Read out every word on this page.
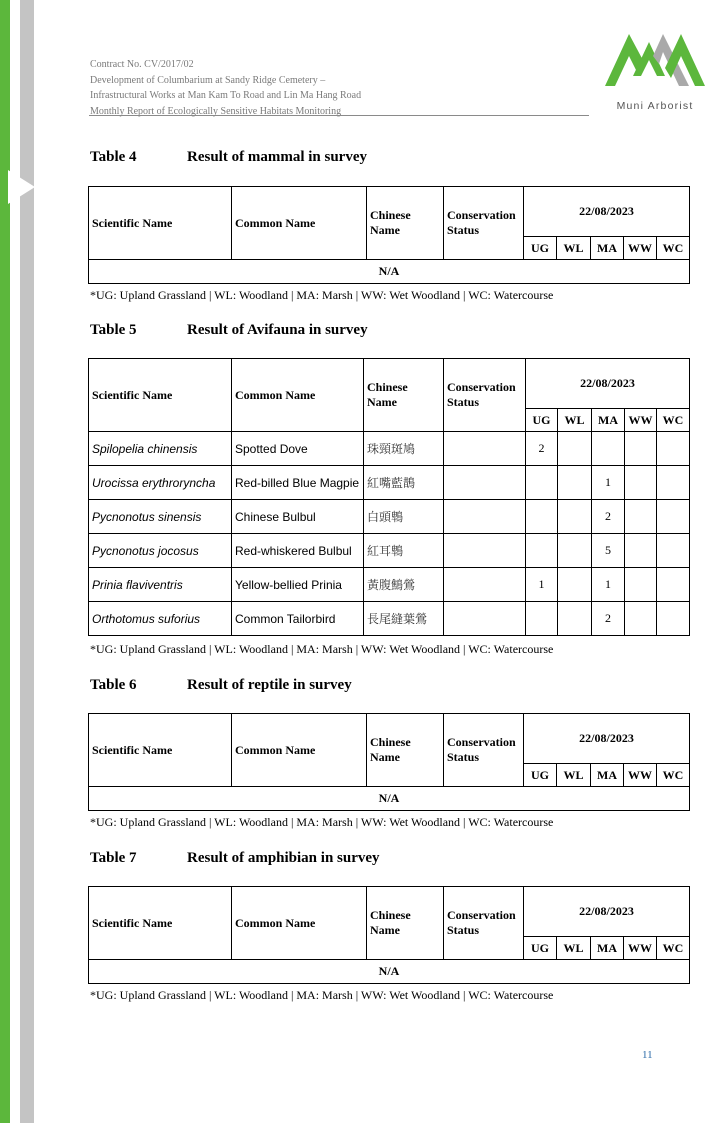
Contract No. CV/2017/02
Development of Columbarium at Sandy Ridge Cemetery –
Infrastructural Works at Man Kam To Road and Lin Ma Hang Road
Monthly Report of Ecologically Sensitive Habitats Monitoring	Muni Arborist
Table 4	Result of mammal in survey
Scientific Name	Common Name	Chinese Name	Conservation Status	22/08/2023				
				UG	WL	MA	WW	WC
N/A								
*UG: Upland Grassland | WL: Woodland | MA: Marsh | WW: Wet Woodland | WC: Watercourse
Table 5	Result of Avifauna in survey
Scientific Name	Common Name	Chinese Name	Conservation Status	22/08/2023				
				UG	WL	MA	WW	WC
Spilopelia chinensis	Spotted Dove	珠頸斑鳩		2				
Urocissa erythroryncha	Red-billed Blue Magpie	紅嘴藍鵲				1		
Pycnonotus sinensis	Chinese Bulbul	白頭鵯				2		
Pycnonotus jocosus	Red-whiskered Bulbul	紅耳鵯				5		
Prinia flaviventris	Yellow-bellied Prinia	黃腹鷦鶯		1		1		
Orthotomus suforius	Common Tailorbird	長尾縫葉鶯				2		
*UG: Upland Grassland | WL: Woodland | MA: Marsh | WW: Wet Woodland | WC: Watercourse
Table 6	Result of reptile in survey
Scientific Name	Common Name	Chinese Name	Conservation Status	22/08/2023				
				UG	WL	MA	WW	WC
N/A								
*UG: Upland Grassland | WL: Woodland | MA: Marsh | WW: Wet Woodland | WC: Watercourse
Table 7	Result of amphibian in survey
Scientific Name	Common Name	Chinese Name	Conservation Status	22/08/2023				
				UG	WL	MA	WW	WC
N/A								
*UG: Upland Grassland | WL: Woodland | MA: Marsh | WW: Wet Woodland | WC: Watercourse
11
